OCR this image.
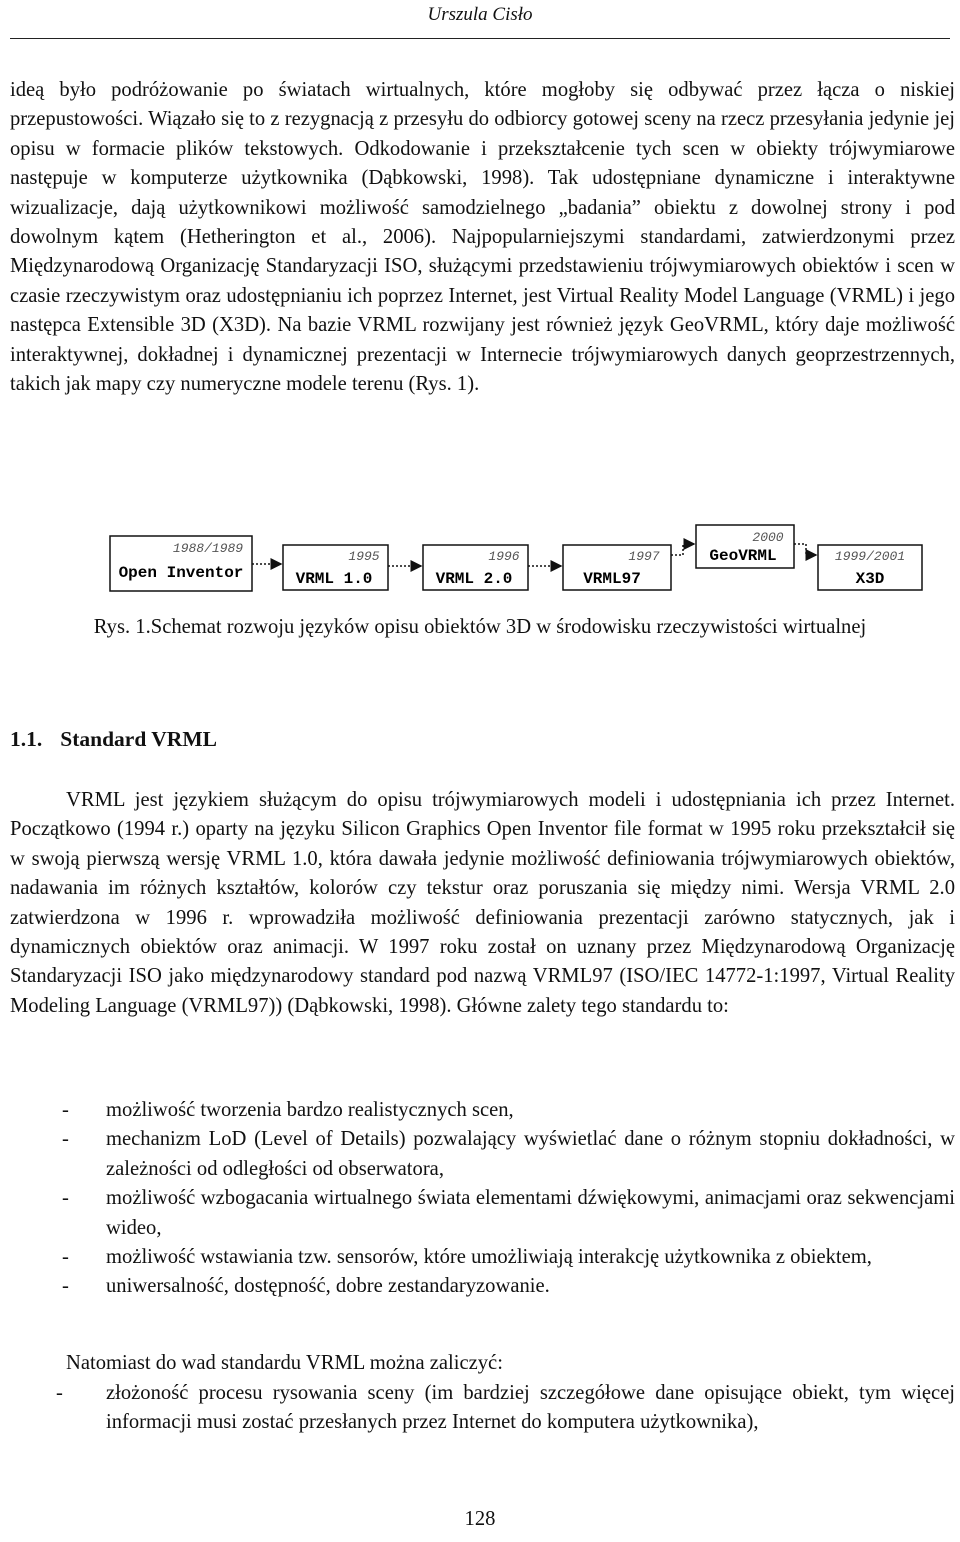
Urszula Cisło

ideą było podróżowanie po światach wirtualnych, które mogłoby się odbywać przez łącza o niskiej przepustowości. Wiązało się to z rezygnacją z przesyłu do odbiorcy gotowej sceny na rzecz przesyłania jedynie jej opisu w formacie plików tekstowych. Odkodowanie i przekształcenie tych scen w obiekty trójwymiarowe następuje w komputerze użytkownika (Dąbkowski, 1998). Tak udostępniane dynamiczne i interaktywne wizualizacje, dają użytkownikowi możliwość samodzielnego „badania” obiektu z dowolnej strony i pod dowolnym kątem (Hetherington et al., 2006). Najpopularniejszymi standardami, zatwierdzonymi przez Międzynarodową Organizację Standaryzacji ISO, służącymi przedstawieniu trójwymiarowych obiektów i scen w czasie rzeczywistym oraz udostępnianiu ich poprzez Internet, jest Virtual Reality Model Language (VRML) i jego następca Extensible 3D (X3D). Na bazie VRML rozwijany jest również język GeoVRML, który daje możliwość interaktywnej, dokładnej i dynamicznej prezentacji w Internecie trójwymiarowych danych geoprzestrzennych, takich jak mapy czy numeryczne modele terenu (Rys. 1).

1988/1989
Open Inventor
1995
VRML 1.0
1996
VRML 2.0
1997
VRML97
2000
GeoVRML	1999/2001
X3D
Rys. 1.Schemat rozwoju języków opisu obiektów 3D w środowisku rzeczywistości wirtualnej
1.1. Standard VRML

VRML jest językiem służącym do opisu trójwymiarowych modeli i udostępniania ich przez Internet. Początkowo (1994 r.) oparty na języku Silicon Graphics Open Inventor file format w 1995 roku przekształcił się w swoją pierwszą wersję VRML 1.0, która dawała jedynie możliwość definiowania trójwymiarowych obiektów, nadawania im różnych kształtów, kolorów czy tekstur oraz poruszania się między nimi. Wersja VRML 2.0 zatwierdzona w 1996 r. wprowadziła możliwość definiowania prezentacji zarówno statycznych, jak i dynamicznych obiektów oraz animacji. W 1997 roku został on uznany przez Międzynarodową Organizację Standaryzacji ISO jako międzynarodowy standard pod nazwą VRML97 (ISO/IEC 14772-1:1997, Virtual Reality Modeling Language (VRML97)) (Dąbkowski, 1998). Główne zalety tego standardu to:

- możliwość tworzenia bardzo realistycznych scen,
- mechanizm LoD (Level of Details) pozwalający wyświetlać dane o różnym stopniu dokładności, w zależności od odległości od obserwatora,
- możliwość wzbogacania wirtualnego świata elementami dźwiękowymi, animacjami oraz sekwencjami wideo,
- możliwość wstawiania tzw. sensorów, które umożliwiają interakcję użytkownika z obiektem,
- uniwersalność, dostępność, dobre zestandaryzowanie.

Natomiast do wad standardu VRML można zaliczyć:

- złożoność procesu rysowania sceny (im bardziej szczegółowe dane opisujące obiekt, tym więcej informacji musi zostać przesłanych przez Internet do komputera użytkownika),
128
